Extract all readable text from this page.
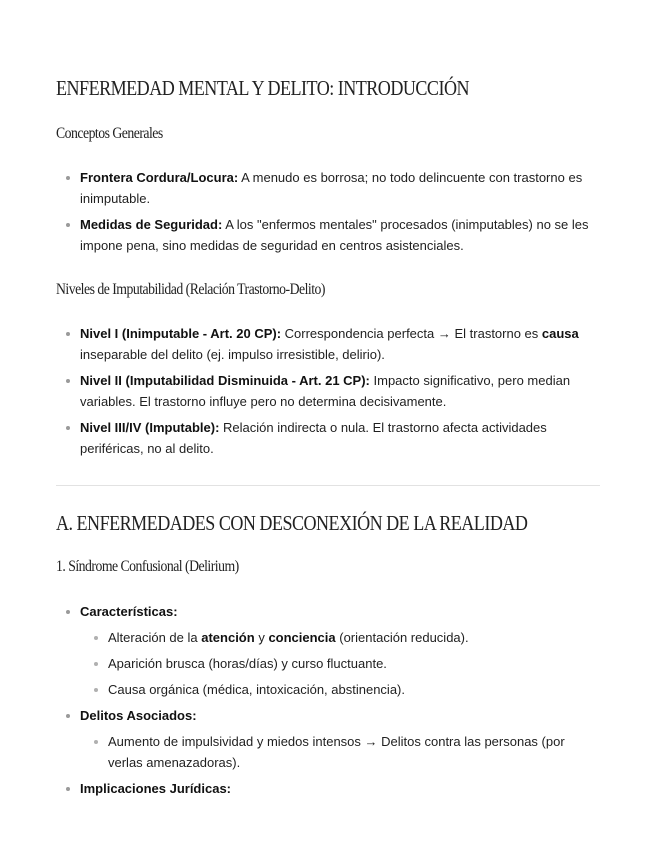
ENFERMEDAD MENTAL Y DELITO: INTRODUCCIÓN
Conceptos Generales
Frontera Cordura/Locura: A menudo es borrosa; no todo delincuente con trastorno es inimputable.
Medidas de Seguridad: A los "enfermos mentales" procesados (inimputables) no se les impone pena, sino medidas de seguridad en centros asistenciales.
Niveles de Imputabilidad (Relación Trastorno-Delito)
Nivel I (Inimputable - Art. 20 CP): Correspondencia perfecta → El trastorno es causa inseparable del delito (ej. impulso irresistible, delirio).
Nivel II (Imputabilidad Disminuida - Art. 21 CP): Impacto significativo, pero median variables. El trastorno influye pero no determina decisivamente.
Nivel III/IV (Imputable): Relación indirecta o nula. El trastorno afecta actividades periféricas, no al delito.
A. ENFERMEDADES CON DESCONEXIÓN DE LA REALIDAD
1. Síndrome Confusional (Delirium)
Características:
Alteración de la atención y conciencia (orientación reducida).
Aparición brusca (horas/días) y curso fluctuante.
Causa orgánica (médica, intoxicación, abstinencia).
Delitos Asociados:
Aumento de impulsividad y miedos intensos → Delitos contra las personas (por verlas amenazadoras).
Implicaciones Jurídicas:
